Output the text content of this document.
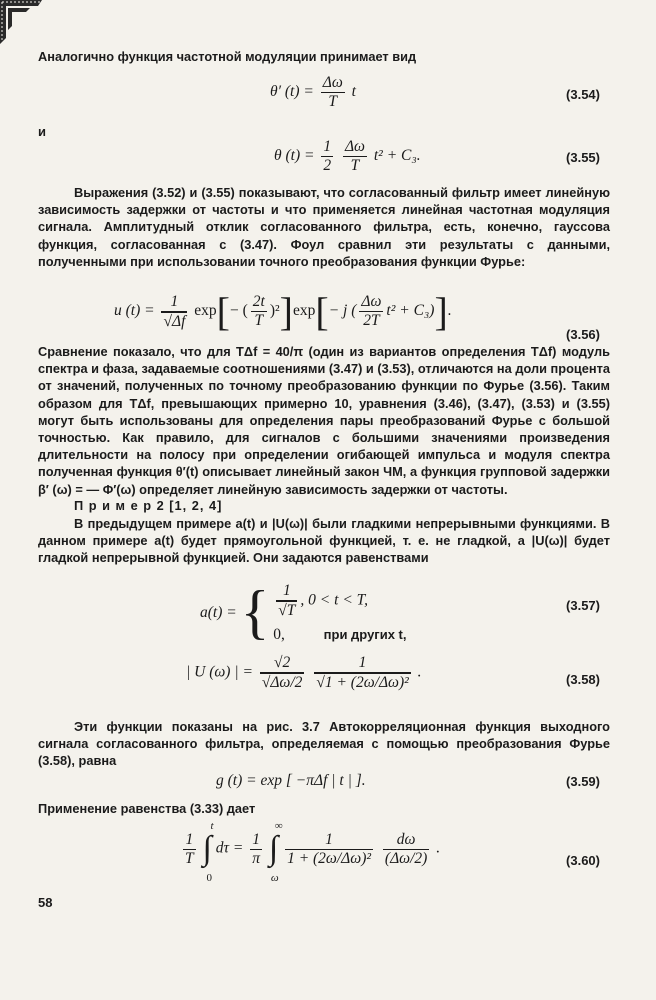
Аналогично функция частотной модуляции принимает вид

θ′ $(t) = \frac{\Delta\omega}{T}$ t	(3.54)
и
θ $(t) = \frac{1}{2}$
$\frac{\Delta\omega}{T} t^2 + C_3$.	(3.55)

Выражения (3.52) и (3.55) показывают, что согласованный фильтр имеет линейную зависимость задержки от частоты и что применяется линейная частотная модуляция сигнала. Амплитудный отклик согласованного фильтра, есть, конечно, гауссова функция, согласованная с (3.47). Фоул сравнил эти результаты с данными, полученными при использовании точного преобразования функции Фурье:

u $(t) = \frac{1}{√\Delta f} \exp[-$ ( $\frac{2t}{T} )^2]\exp[- j$ ( $\frac{\Delta\omega}{2T} t^2 + C_3$)].
(3.56)

Сравнение показало, что для TΔf = 40/π (один из вариантов определения TΔf) модуль спектра и фаза, задаваемые соотношениями (3.47) и (3.53), отличаются на доли процента от значений, полученных по точному преобразованию функции по Фурье (3.56). Таким образом для TΔf, превышающих примерно 10, уравнения (3.46), (3.47), (3.53) и (3.55) могут быть использованы для определения пары преобразований Фурье с большой точностью. Как правило, для сигналов с большими значениями произведения длительности на полосу при определении огибающей импульса и модуля спектра полученная функция θ′(t) описывает линейный закон ЧМ, а функция групповой задержки β′ (ω) = — Φ′(ω) определяет линейную зависимость задержки от частоты.

П р и м е р 2 [1, 2, 4]

В предыдущем примере a(t) и |U(ω)| были гладкими непрерывными функциями. В данном примере a(t) будет прямоугольной функцией, т. е. не гладкой, а |U(ω)| будет гладкой непрерывной функцией. Они задаются равенствами

a(t) = { $\frac{1}{√T}$ , 0 < t < T,
0,	при других t,
(3.57)
| U (ω) | = $\frac{√2}{√\Delta\omega/2}$
$\frac{1}{\text{√1 + (2ω/Δω)²}}$ .	(3.58)

Эти функции показаны на рис. 3.7 Автокорреляционная функция выходного сигнала согласованного фильтра, определяемая с помощью преобразования Фурье (3.58), равна

g (t) = exp [ −πΔf | t | ].	(3.59)

Применение равенства (3.33) дает

$\frac{1}{T}$ ∫
t
0
$d\tau = \frac{1}{\pi}$ ∫
∞
ω

$\frac{1}{\text{1 + (2ω/Δω)²}}$
$\frac{d\omega}{(\Delta\omega/2)}$ .
(3.60)
58
